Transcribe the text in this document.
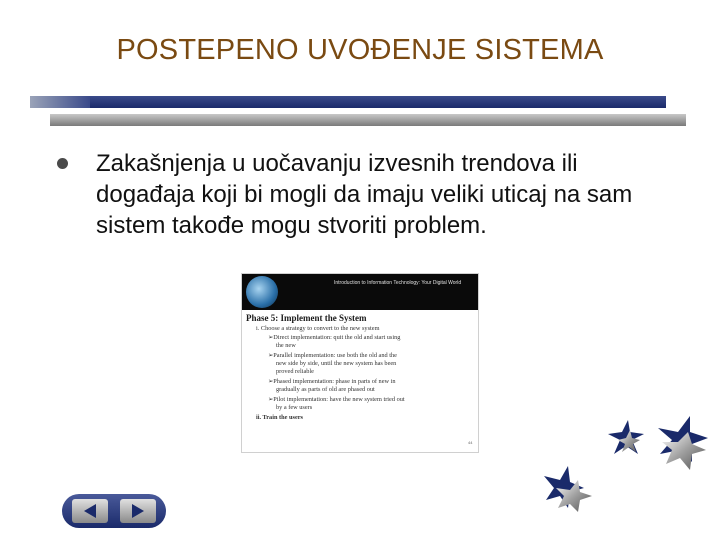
POSTEPENO UVOĐENJE SISTEMA
Zakašnjenja u uočavanju izvesnih trendova ili događaja koji bi mogli da imaju veliki uticaj na sam sistem takođe mogu stvoriti problem.
Introduction to Information Technology: Your Digital World
Phase 5: Implement the System
i. Choose a strategy to convert to the new system
➢Direct implementation: quit the old and start using
the new
➢Parallel implementation: use both the old and the
new side by side, until the new system has been
proved reliable
➢Phased implementation: phase in parts of new in
gradually as parts of old are phased out
➢Pilot implementation: have the new system tried out
by a few users
ii. Train the users
44
